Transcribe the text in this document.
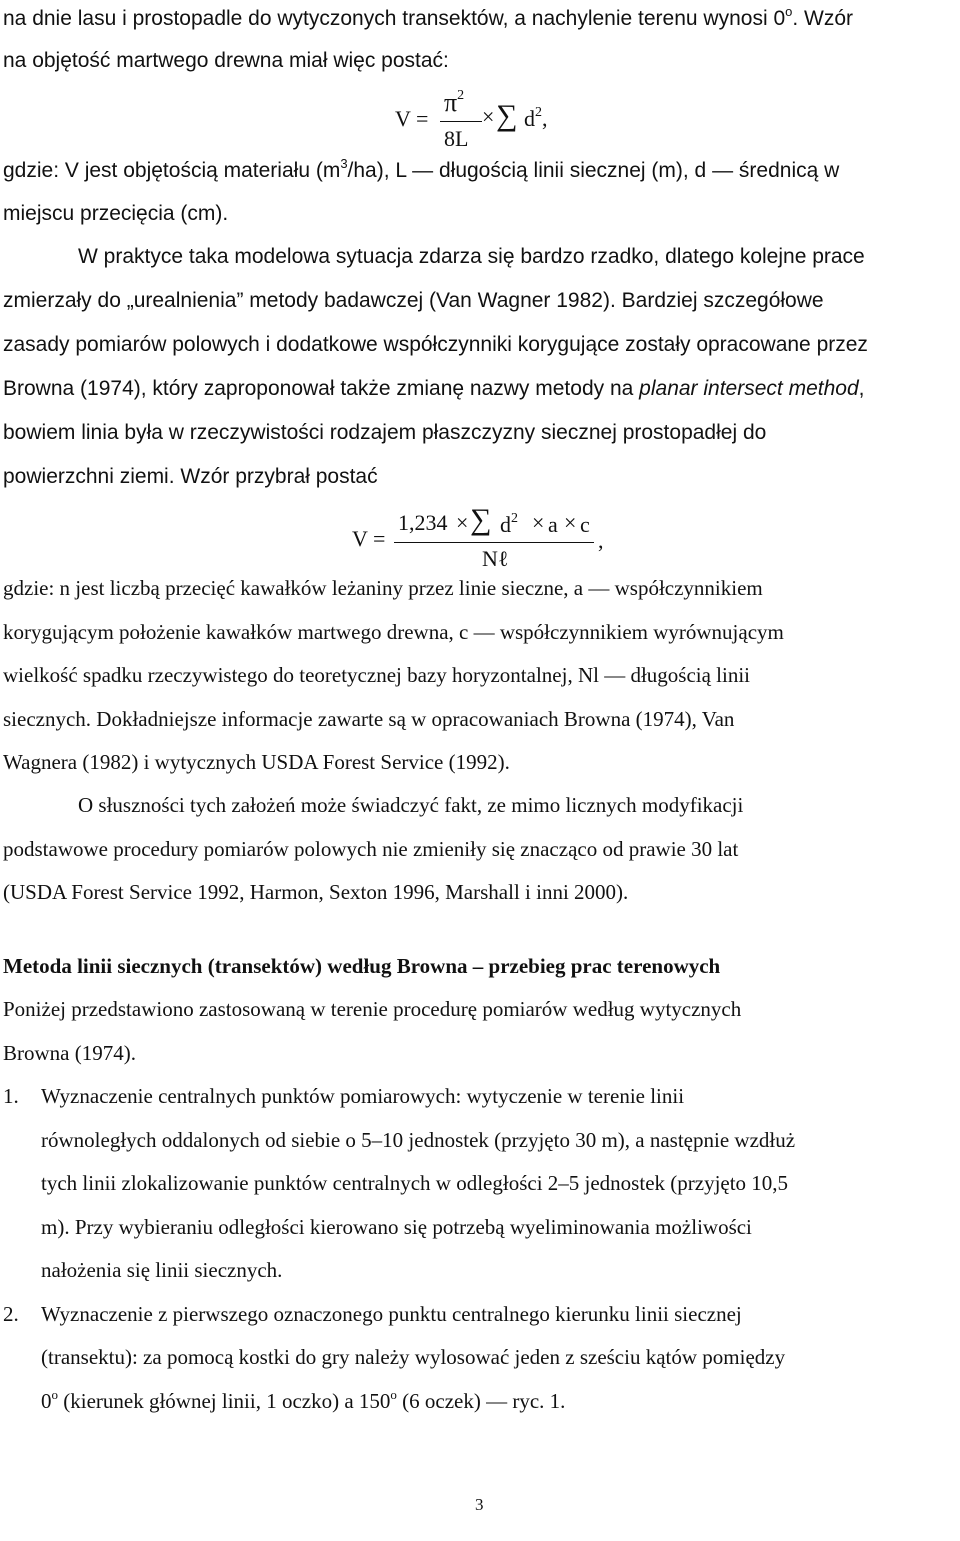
na dnie lasu i prostopadle do wytyczonych transektów, a nachylenie terenu wynosi 0$^o$. Wzór
na objętość martwego drewna miał więc postać:
V =
$\pi^2$
8L
× ∑ $d^2$,
gdzie: V jest objętością materiału $(m^3/ha)$, L — długością linii siecznej (m), d — średnicą w
miejscu przecięcia (cm).
W praktyce taka modelowa sytuacja zdarza się bardzo rzadko, dlatego kolejne prace
zmierzały do „urealnienia” metody badawczej (Van Wagner 1982). Bardziej szczegółowe
zasady pomiarów polowych i dodatkowe współczynniki korygujące zostały opracowane przez
Browna (1974), który zaproponował także zmianę nazwy metody na planar intersect method,
bowiem linia była w rzeczywistości rodzajem płaszczyzny siecznej prostopadłej do
powierzchni ziemi. Wzór przybrał postać
V =
1,234 × ∑ $d^2 \times a \times c$
Nℓ
,
gdzie: n jest liczbą przecięć kawałków leżaniny przez linie sieczne, a — współczynnikiem
korygującym położenie kawałków martwego drewna, c — współczynnikiem wyrównującym
wielkość spadku rzeczywistego do teoretycznej bazy horyzontalnej, Nl — długością linii
siecznych. Dokładniejsze informacje zawarte są w opracowaniach Browna (1974), Van
Wagnera (1982) i wytycznych USDA Forest Service (1992).
O słuszności tych założeń może świadczyć fakt, ze mimo licznych modyfikacji
podstawowe procedury pomiarów polowych nie zmieniły się znacząco od prawie 30 lat
(USDA Forest Service 1992, Harmon, Sexton 1996, Marshall i inni 2000).
Metoda linii siecznych (transektów) według Browna – przebieg prac terenowych
Poniżej przedstawiono zastosowaną w terenie procedurę pomiarów według wytycznych
Browna (1974).
1. Wyznaczenie centralnych punktów pomiarowych: wytyczenie w terenie linii
równoległych oddalonych od siebie o 5–10 jednostek (przyjęto 30 m), a następnie wzdłuż
tych linii zlokalizowanie punktów centralnych w odległości 2–5 jednostek (przyjęto 10,5
m). Przy wybieraniu odległości kierowano się potrzebą wyeliminowania możliwości
nałożenia się linii siecznych.
2. Wyznaczenie z pierwszego oznaczonego punktu centralnego kierunku linii siecznej
(transektu): za pomocą kostki do gry należy wylosować jeden z sześciu kątów pomiędzy
0$^o$ (kierunek głównej linii, 1 oczko) a 150$^o$ (6 oczek) — ryc. 1.
3
